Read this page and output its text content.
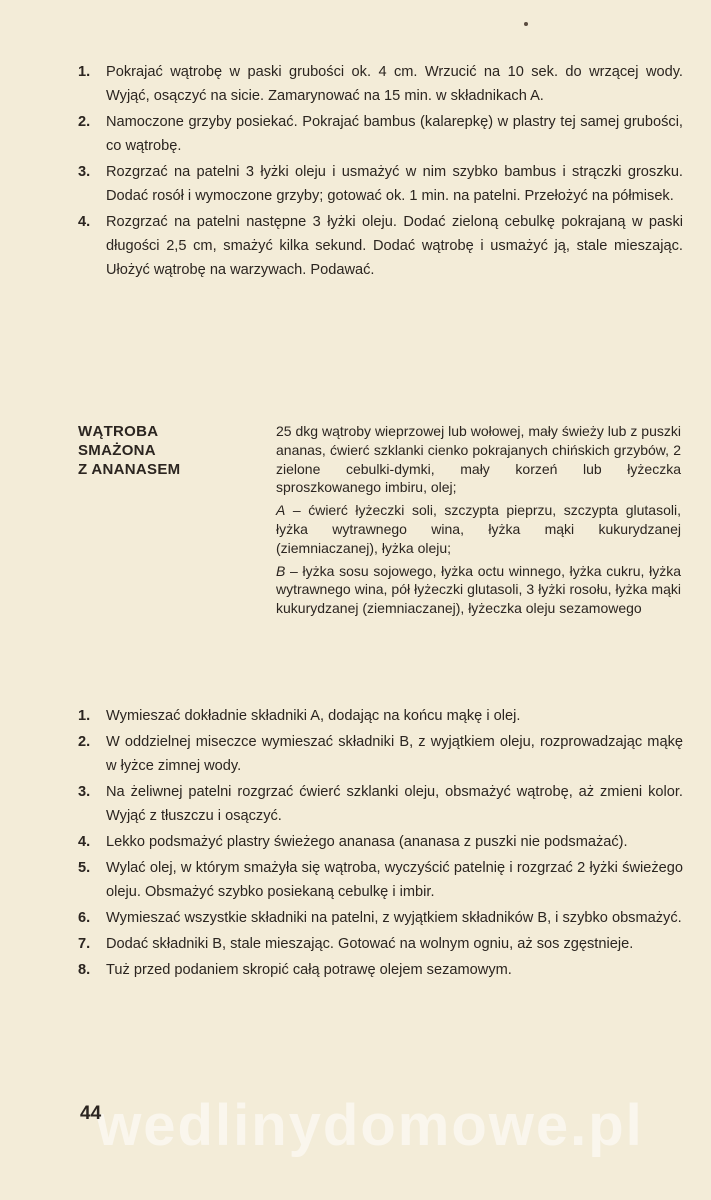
1. Pokrajać wątrobę w paski grubości ok. 4 cm. Wrzucić na 10 sek. do wrzącej wody. Wyjąć, osączyć na sicie. Zamarynować na 15 min. w składnikach A.
2. Namoczone grzyby posiekać. Pokrajać bambus (kalarepkę) w plastry tej samej grubości, co wątrobę.
3. Rozgrzać na patelni 3 łyżki oleju i usmażyć w nim szybko bambus i strączki groszku. Dodać rosół i wymoczone grzyby; gotować ok. 1 min. na patelni. Przełożyć na półmisek.
4. Rozgrzać na patelni następne 3 łyżki oleju. Dodać zieloną cebulkę pokrajaną w paski długości 2,5 cm, smażyć kilka sekund. Dodać wątrobę i usmażyć ją, stale mieszając. Ułożyć wątrobę na warzywach. Podawać.
WĄTROBA
SMAŻONA
Z ANANASEM

25 dkg wątroby wieprzowej lub wołowej, mały świeży lub z puszki ananas, ćwierć szklanki cienko pokrajanych chińskich grzybów, 2 zielone cebulki-dymki, mały korzeń lub łyżeczka sproszkowanego imbiru, olej;

A – ćwierć łyżeczki soli, szczypta pieprzu, szczypta glutasoli, łyżka wytrawnego wina, łyżka mąki kukurydzanej (ziemniaczanej), łyżka oleju;

B – łyżka sosu sojowego, łyżka octu winnego, łyżka cukru, łyżka wytrawnego wina, pół łyżeczki glutasoli, 3 łyżki rosołu, łyżka mąki kukurydzanej (ziemniaczanej), łyżeczka oleju sezamowego

1. Wymieszać dokładnie składniki A, dodając na końcu mąkę i olej.
2. W oddzielnej miseczce wymieszać składniki B, z wyjątkiem oleju, rozprowadzając mąkę w łyżce zimnej wody.
3. Na żeliwnej patelni rozgrzać ćwierć szklanki oleju, obsmażyć wątrobę, aż zmieni kolor. Wyjąć z tłuszczu i osączyć.
4. Lekko podsmażyć plastry świeżego ananasa (ananasa z puszki nie podsmażać).
5. Wylać olej, w którym smażyła się wątroba, wyczyścić patelnię i rozgrzać 2 łyżki świeżego oleju. Obsmażyć szybko posiekaną cebulkę i imbir.
6. Wymieszać wszystkie składniki na patelni, z wyjątkiem składników B, i szybko obsmażyć.
7. Dodać składniki B, stale mieszając. Gotować na wolnym ogniu, aż sos zgęstnieje.
8. Tuż przed podaniem skropić całą potrawę olejem sezamowym.
wedlinydomowe.pl
44
